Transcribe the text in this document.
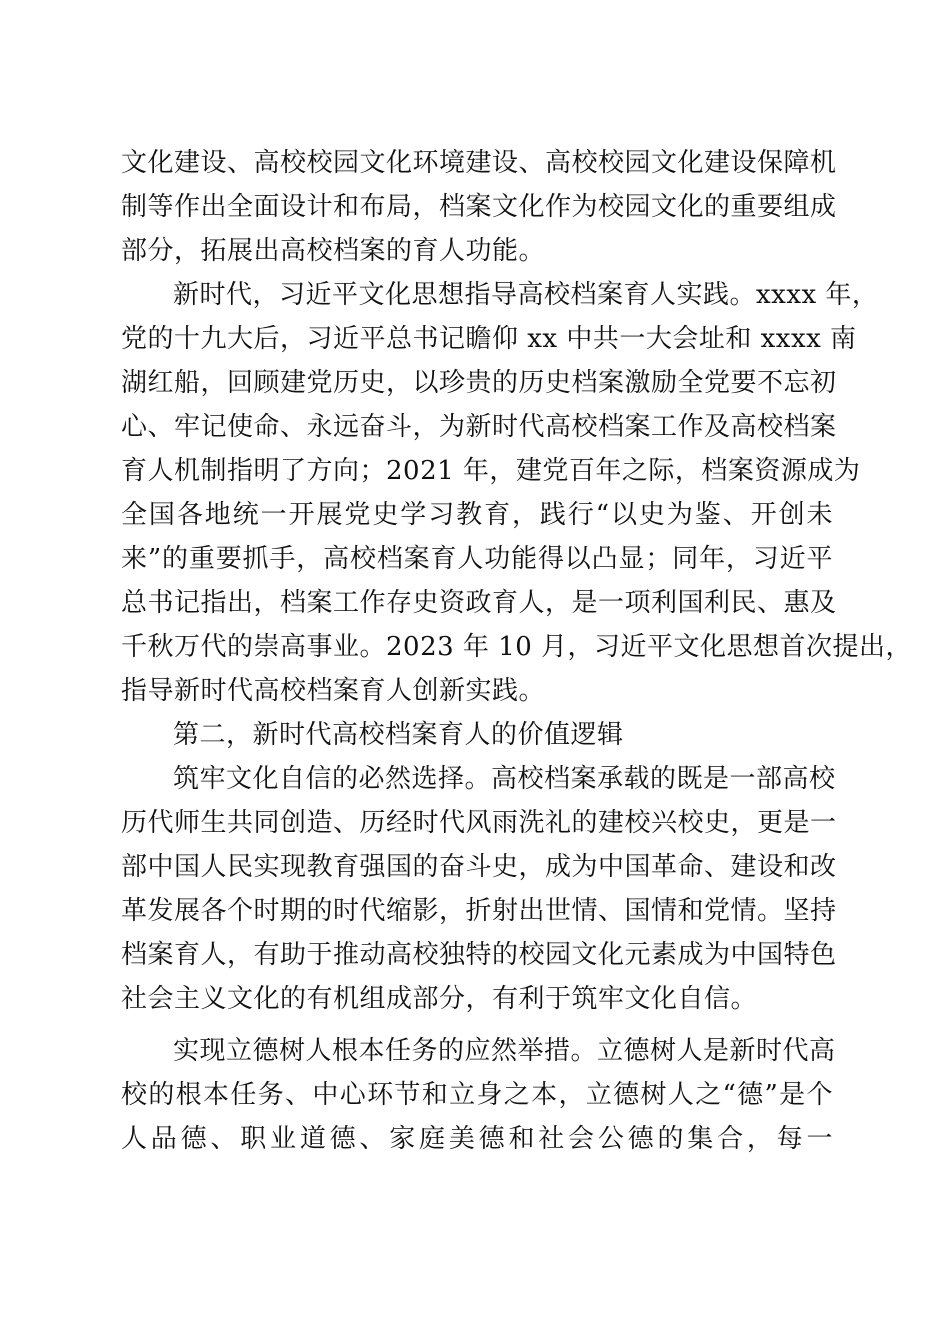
文化建设、高校校园文化环境建设、高校校园文化建设保障机
制等作出全面设计和布局，档案文化作为校园文化的重要组成
部分，拓展出高校档案的育人功能。
新时代，习近平文化思想指导高校档案育人实践。xxxx 年，
党的十九大后，习近平总书记瞻仰 xx 中共一大会址和 xxxx 南
湖红船，回顾建党历史，以珍贵的历史档案激励全党要不忘初
心、牢记使命、永远奋斗，为新时代高校档案工作及高校档案
育人机制指明了方向；2021 年，建党百年之际，档案资源成为
全国各地统一开展党史学习教育，践行“以史为鉴、开创未
来”的重要抓手，高校档案育人功能得以凸显；同年，习近平
总书记指出，档案工作存史资政育人，是一项利国利民、惠及
千秋万代的崇高事业。2023 年 10 月，习近平文化思想首次提出，
指导新时代高校档案育人创新实践。
第二，新时代高校档案育人的价值逻辑
筑牢文化自信的必然选择。高校档案承载的既是一部高校
历代师生共同创造、历经时代风雨洗礼的建校兴校史，更是一
部中国人民实现教育强国的奋斗史，成为中国革命、建设和改
革发展各个时期的时代缩影，折射出世情、国情和党情。坚持
档案育人，有助于推动高校独特的校园文化元素成为中国特色
社会主义文化的有机组成部分，有利于筑牢文化自信。
实现立德树人根本任务的应然举措。立德树人是新时代高
校的根本任务、中心环节和立身之本，立德树人之“德”是个
人品德、职业道德、家庭美德和社会公德的集合，每一
